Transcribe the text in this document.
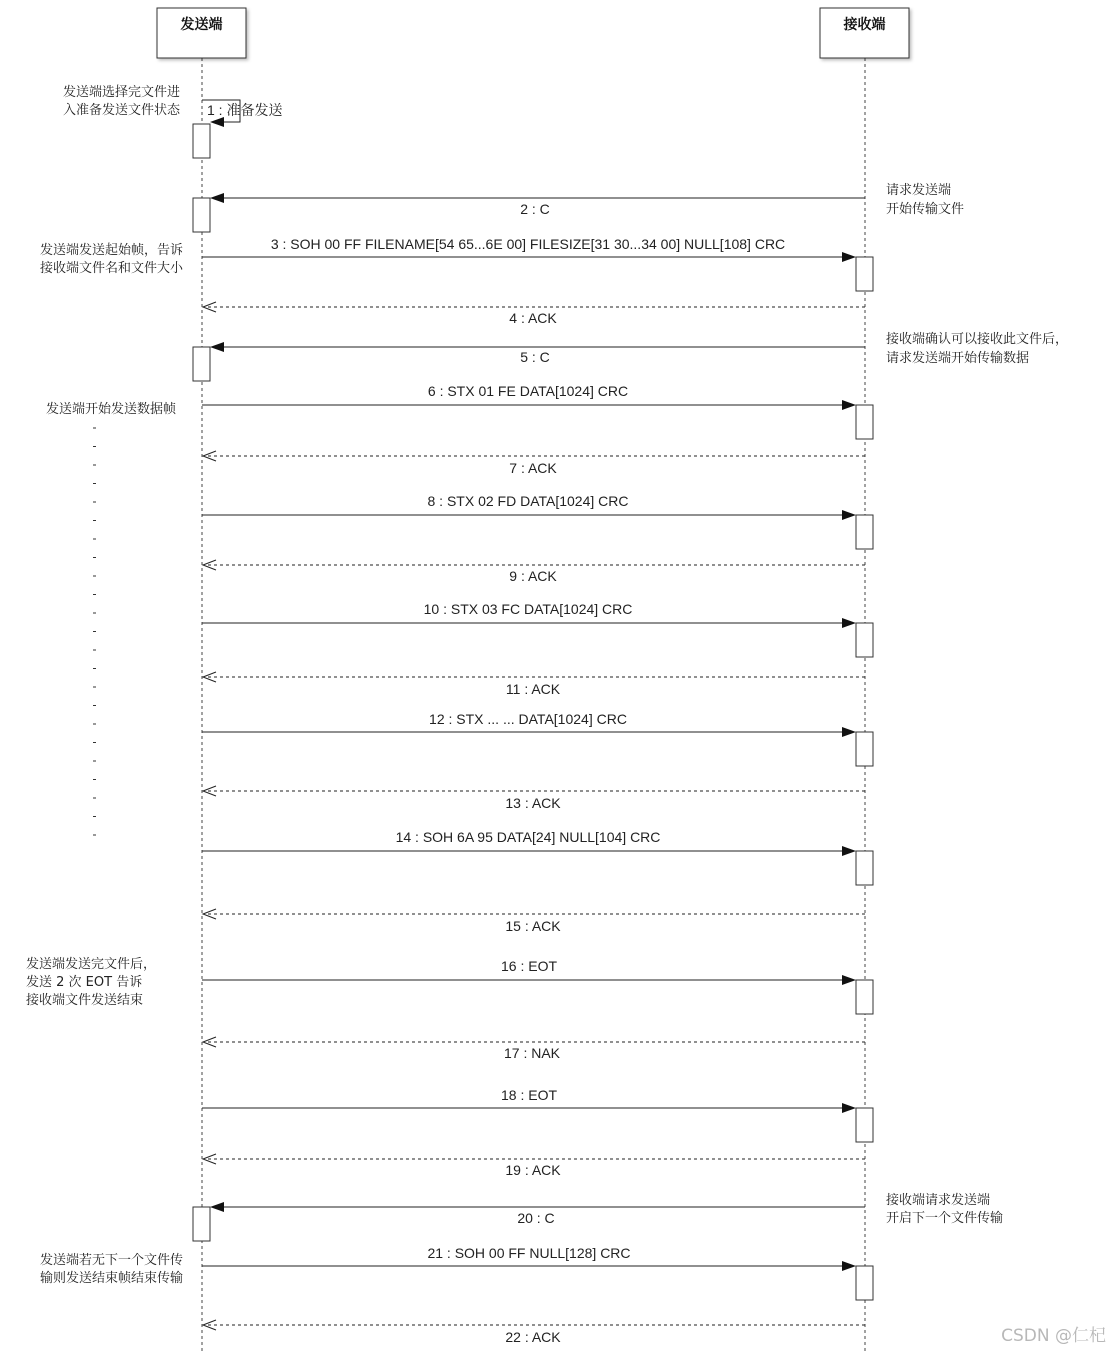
发送端	接收端
1 : 准备发送
2 : C
3 : SOH 00 FF FILENAME[54 65...6E 00] FILESIZE[31 30...34 00] NULL[108] CRC
4 : ACK
5 : C
6 : STX 01 FE DATA[1024] CRC
7 : ACK
8 : STX 02 FD DATA[1024] CRC
9 : ACK
10 : STX 03 FC DATA[1024] CRC
11 : ACK
12 : STX ... ... DATA[1024] CRC
13 : ACK
14 : SOH 6A 95 DATA[24] NULL[104] CRC
15 : ACK
16 : EOT
17 : NAK
18 : EOT
19 : ACK
20 : C
21 : SOH 00 FF NULL[128] CRC
22 : ACK
发送端选择完文件进
入准备发送文件状态
发送端发送起始帧，告诉
接收端文件名和文件大小
发送端开始发送数据帧
发送端发送完文件后，
发送 2 次 EOT 告诉
接收端文件发送结束
发送端若无下一个文件传
输则发送结束帧结束传输
请求发送端
开始传输文件
接收端确认可以接收此文件后，
请求发送端开始传输数据
接收端请求发送端
开启下一个文件传输
CSDN @仁杞
